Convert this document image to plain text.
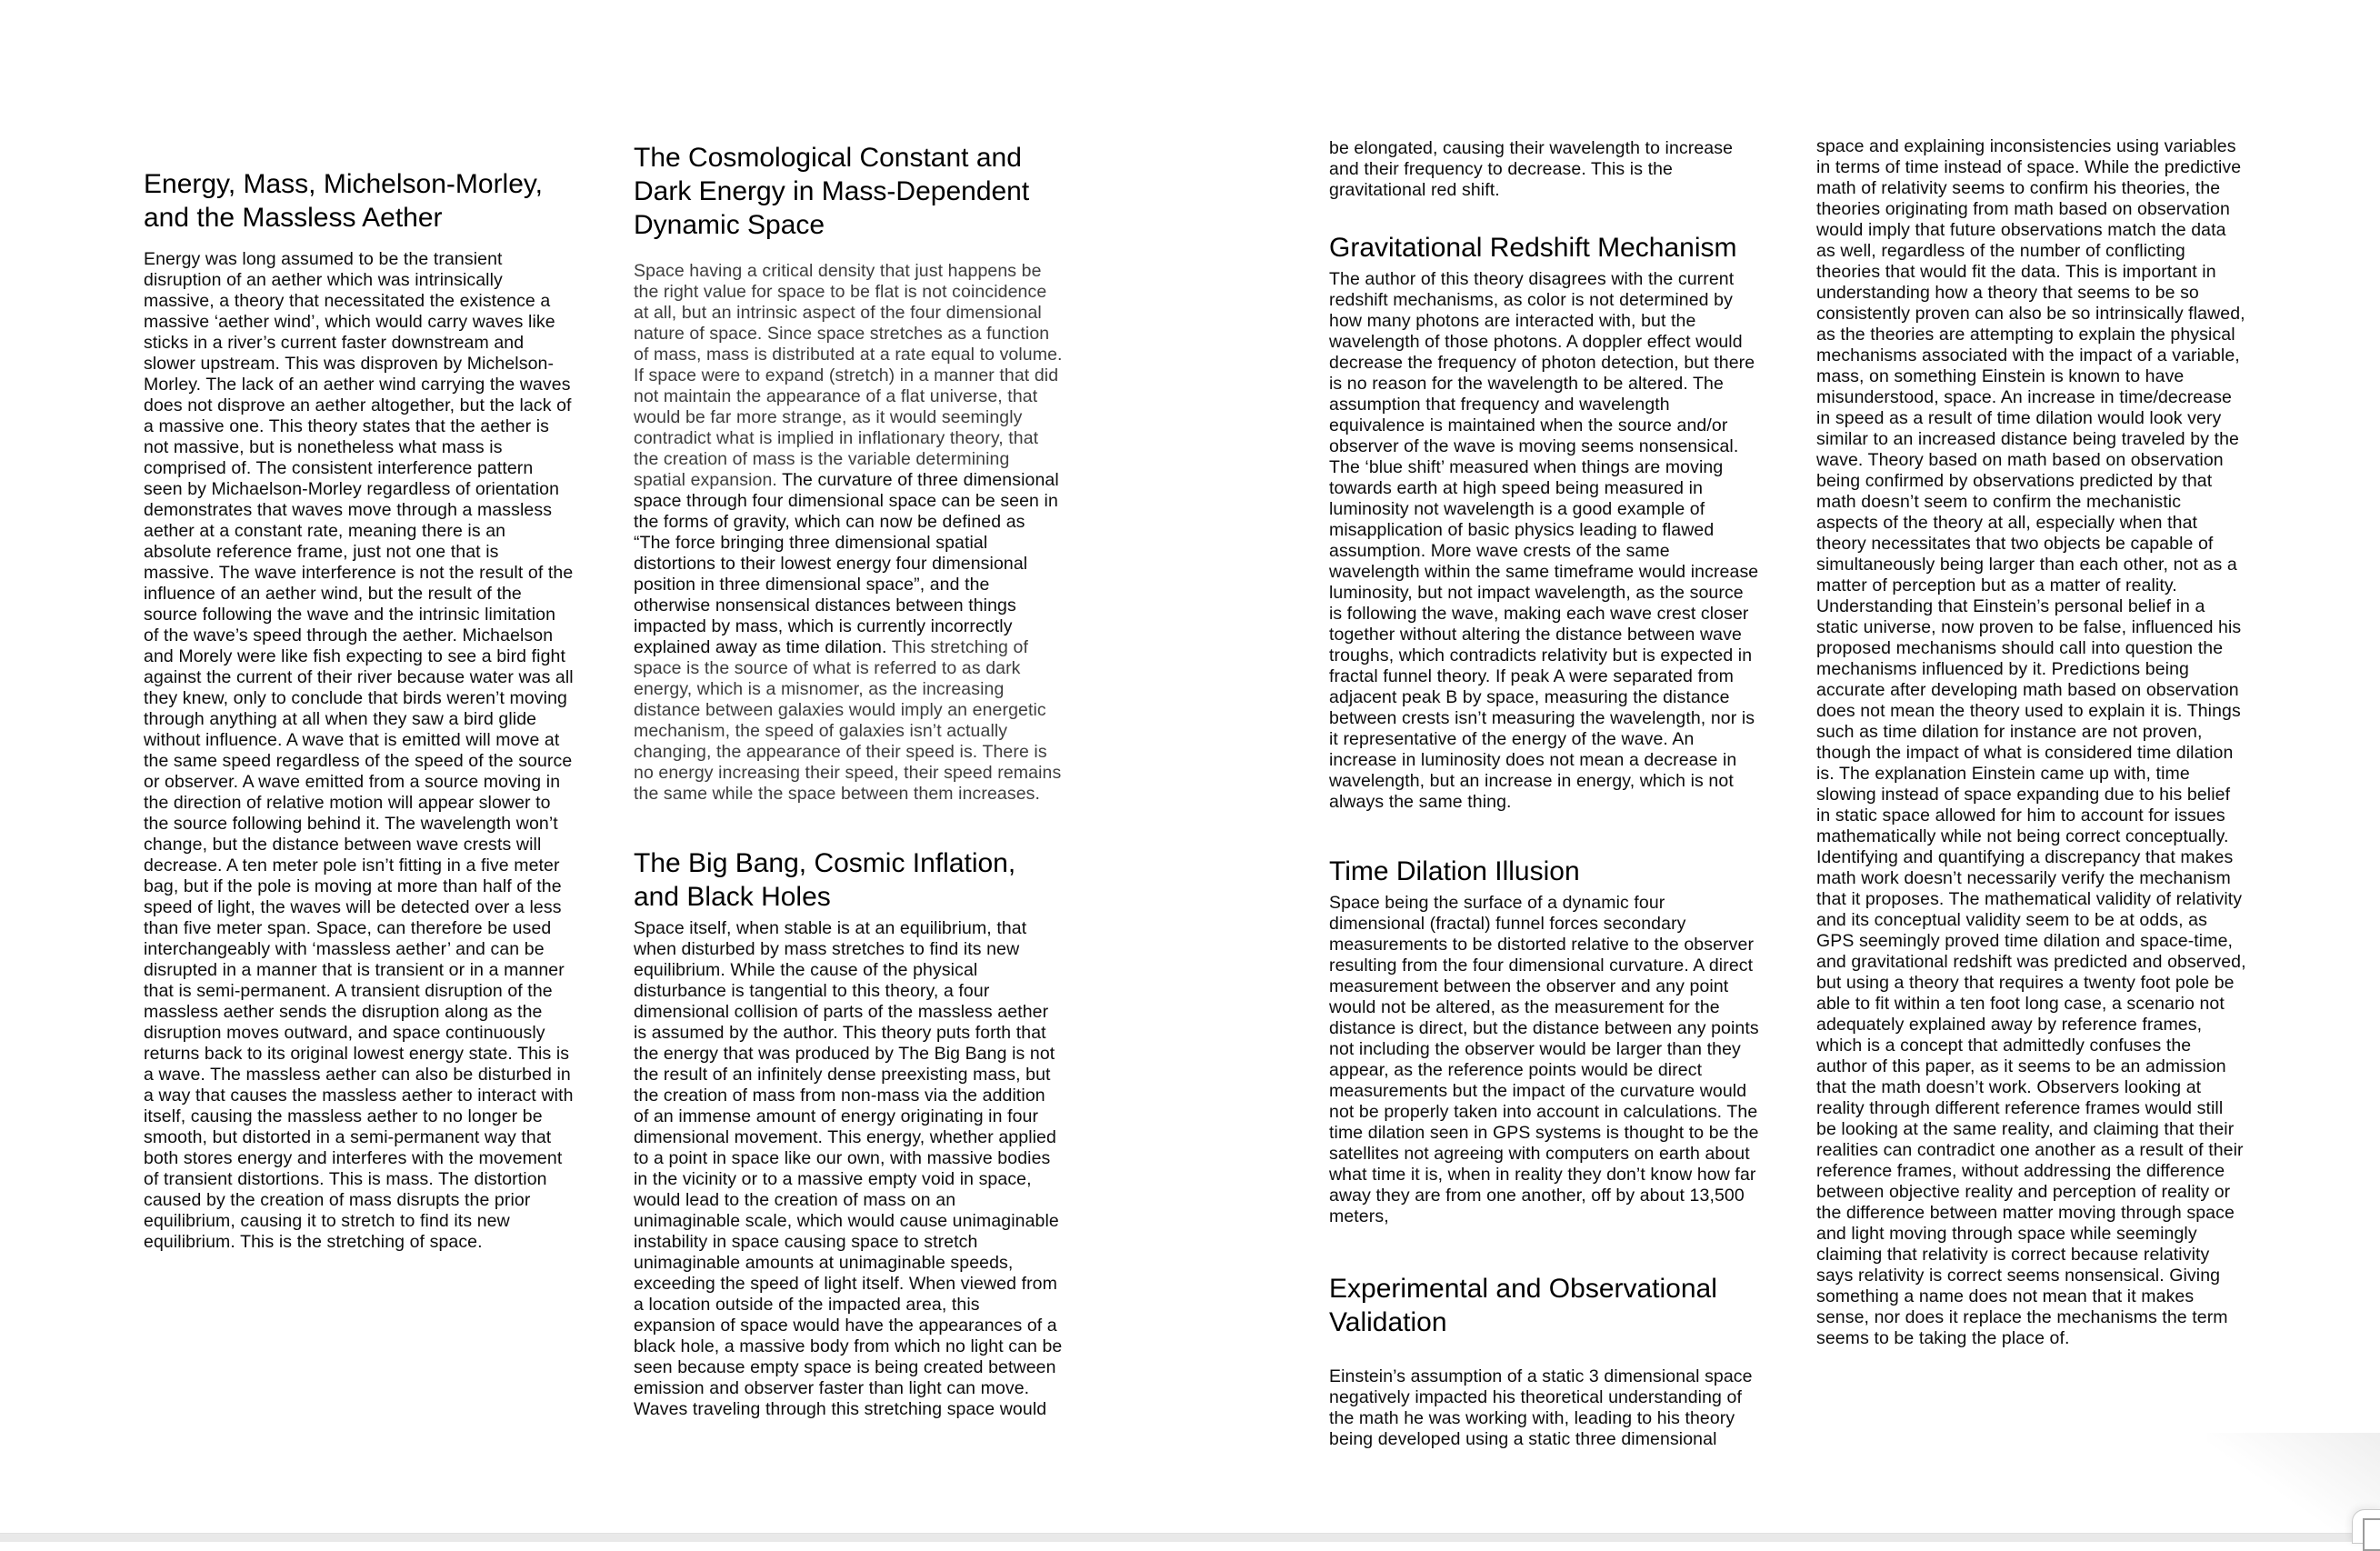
Energy, Mass, Michelson-Morley, and the Massless Aether

Energy was long assumed to be the transient disruption of an aether which was intrinsically massive, a theory that necessitated the existence a massive ‘aether wind’, which would carry waves like sticks in a river’s current faster downstream and slower upstream. This was disproven by Michelson-Morley. The lack of an aether wind carrying the waves does not disprove an aether altogether, but the lack of a massive one. This theory states that the aether is not massive, but is nonetheless what mass is comprised of. The consistent interference pattern seen by Michaelson-Morley regardless of orientation demonstrates that waves move through a massless aether at a constant rate, meaning there is an absolute reference frame, just not one that is massive. The wave interference is not the result of the influence of an aether wind, but the result of the source following the wave and the intrinsic limitation of the wave’s speed through the aether. Michaelson and Morely were like fish expecting to see a bird fight against the current of their river because water was all they knew, only to conclude that birds weren’t moving through anything at all when they saw a bird glide without influence. A wave that is emitted will move at the same speed regardless of the speed of the source or observer. A wave emitted from a source moving in the direction of relative motion will appear slower to the source following behind it. The wavelength won’t change, but the distance between wave crests will decrease. A ten meter pole isn’t fitting in a five meter bag, but if the pole is moving at more than half of the speed of light, the waves will be detected over a less than five meter span. Space, can therefore be used interchangeably with ‘massless aether’ and can be disrupted in a manner that is transient or in a manner that is semi-permanent. A transient disruption of the massless aether sends the disruption along as the disruption moves outward, and space continuously returns back to its original lowest energy state. This is a wave. The massless aether can also be disturbed in a way that causes the massless aether to interact with itself, causing the massless aether to no longer be smooth, but distorted in a semi-permanent way that both stores energy and interferes with the movement of transient distortions. This is mass. The distortion caused by the creation of mass disrupts the prior equilibrium, causing it to stretch to find its new equilibrium. This is the stretching of space.

The Cosmological Constant and Dark Energy in Mass-Dependent Dynamic Space

Space having a critical density that just happens be the right value for space to be flat is not coincidence at all, but an intrinsic aspect of the four dimensional nature of space. Since space stretches as a function of mass, mass is distributed at a rate equal to volume. If space were to expand (stretch) in a manner that did not maintain the appearance of a flat universe, that would be far more strange, as it would seemingly contradict what is implied in inflationary theory, that the creation of mass is the variable determining spatial expansion. The curvature of three dimensional space through four dimensional space can be seen in the forms of gravity, which can now be defined as “The force bringing three dimensional spatial distortions to their lowest energy four dimensional position in three dimensional space”, and the otherwise nonsensical distances between things impacted by mass, which is currently incorrectly explained away as time dilation. This stretching of space is the source of what is referred to as dark energy, which is a misnomer, as the increasing distance between galaxies would imply an energetic mechanism, the speed of galaxies isn’t actually changing, the appearance of their speed is. There is no energy increasing their speed, their speed remains the same while the space between them increases.

The Big Bang, Cosmic Inflation, and Black Holes

Space itself, when stable is at an equilibrium, that when disturbed by mass stretches to find its new equilibrium. While the cause of the physical disturbance is tangential to this theory, a four dimensional collision of parts of the massless aether is assumed by the author. This theory puts forth that the energy that was produced by The Big Bang is not the result of an infinitely dense preexisting mass, but the creation of mass from non-mass via the addition of an immense amount of energy originating in four dimensional movement. This energy, whether applied to a point in space like our own, with massive bodies in the vicinity or to a massive empty void in space, would lead to the creation of mass on an unimaginable scale, which would cause unimaginable instability in space causing space to stretch unimaginable amounts at unimaginable speeds, exceeding the speed of light itself. When viewed from a location outside of the impacted area, this expansion of space would have the appearances of a black hole, a massive body from which no light can be seen because empty space is being created between emission and observer faster than light can move. Waves traveling through this stretching space would

be elongated, causing their wavelength to increase and their frequency to decrease. This is the gravitational red shift.

Gravitational Redshift Mechanism

The author of this theory disagrees with the current redshift mechanisms, as color is not determined by how many photons are interacted with, but the wavelength of those photons. A doppler effect would decrease the frequency of photon detection, but there is no reason for the wavelength to be altered. The assumption that frequency and wavelength equivalence is maintained when the source and/or observer of the wave is moving seems nonsensical. The ‘blue shift’ measured when things are moving towards earth at high speed being measured in luminosity not wavelength is a good example of misapplication of basic physics leading to flawed assumption. More wave crests of the same wavelength within the same timeframe would increase luminosity, but not impact wavelength, as the source is following the wave, making each wave crest closer together without altering the distance between wave troughs, which contradicts relativity but is expected in fractal funnel theory. If peak A were separated from adjacent peak B by space, measuring the distance between crests isn’t measuring the wavelength, nor is it representative of the energy of the wave. An increase in luminosity does not mean a decrease in wavelength, but an increase in energy, which is not always the same thing.

Time Dilation Illusion

Space being the surface of a dynamic four dimensional (fractal) funnel forces secondary measurements to be distorted relative to the observer resulting from the four dimensional curvature. A direct measurement between the observer and any point would not be altered, as the measurement for the distance is direct, but the distance between any points not including the observer would be larger than they appear, as the reference points would be direct measurements but the impact of the curvature would not be properly taken into account in calculations. The time dilation seen in GPS systems is thought to be the satellites not agreeing with computers on earth about what time it is, when in reality they don’t know how far away they are from one another, off by about 13,500 meters,

Experimental and Observational Validation

Einstein’s assumption of a static 3 dimensional space negatively impacted his theoretical understanding of the math he was working with, leading to his theory being developed using a static three dimensional

space and explaining inconsistencies using variables in terms of time instead of space. While the predictive math of relativity seems to confirm his theories, the theories originating from math based on observation would imply that future observations match the data as well, regardless of the number of conflicting theories that would fit the data. This is important in understanding how a theory that seems to be so consistently proven can also be so intrinsically flawed, as the theories are attempting to explain the physical mechanisms associated with the impact of a variable, mass, on something Einstein is known to have misunderstood, space. An increase in time/decrease in speed as a result of time dilation would look very similar to an increased distance being traveled by the wave. Theory based on math based on observation being confirmed by observations predicted by that math doesn’t seem to confirm the mechanistic aspects of the theory at all, especially when that theory necessitates that two objects be capable of simultaneously being larger than each other, not as a matter of perception but as a matter of reality. Understanding that Einstein’s personal belief in a static universe, now proven to be false, influenced his proposed mechanisms should call into question the mechanisms influenced by it. Predictions being accurate after developing math based on observation does not mean the theory used to explain it is. Things such as time dilation for instance are not proven, though the impact of what is considered time dilation is. The explanation Einstein came up with, time slowing instead of space expanding due to his belief in static space allowed for him to account for issues mathematically while not being correct conceptually. Identifying and quantifying a discrepancy that makes math work doesn’t necessarily verify the mechanism that it proposes. The mathematical validity of relativity and its conceptual validity seem to be at odds, as GPS seemingly proved time dilation and space-time, and gravitational redshift was predicted and observed, but using a theory that requires a twenty foot pole be able to fit within a ten foot long case, a scenario not adequately explained away by reference frames, which is a concept that admittedly confuses the author of this paper, as it seems to be an admission that the math doesn’t work. Observers looking at reality through different reference frames would still be looking at the same reality, and claiming that their realities can contradict one another as a result of their reference frames, without addressing the difference between objective reality and perception of reality or the difference between matter moving through space and light moving through space while seemingly claiming that relativity is correct because relativity says relativity is correct seems nonsensical. Giving something a name does not mean that it makes sense, nor does it replace the mechanisms the term seems to be taking the place of.
